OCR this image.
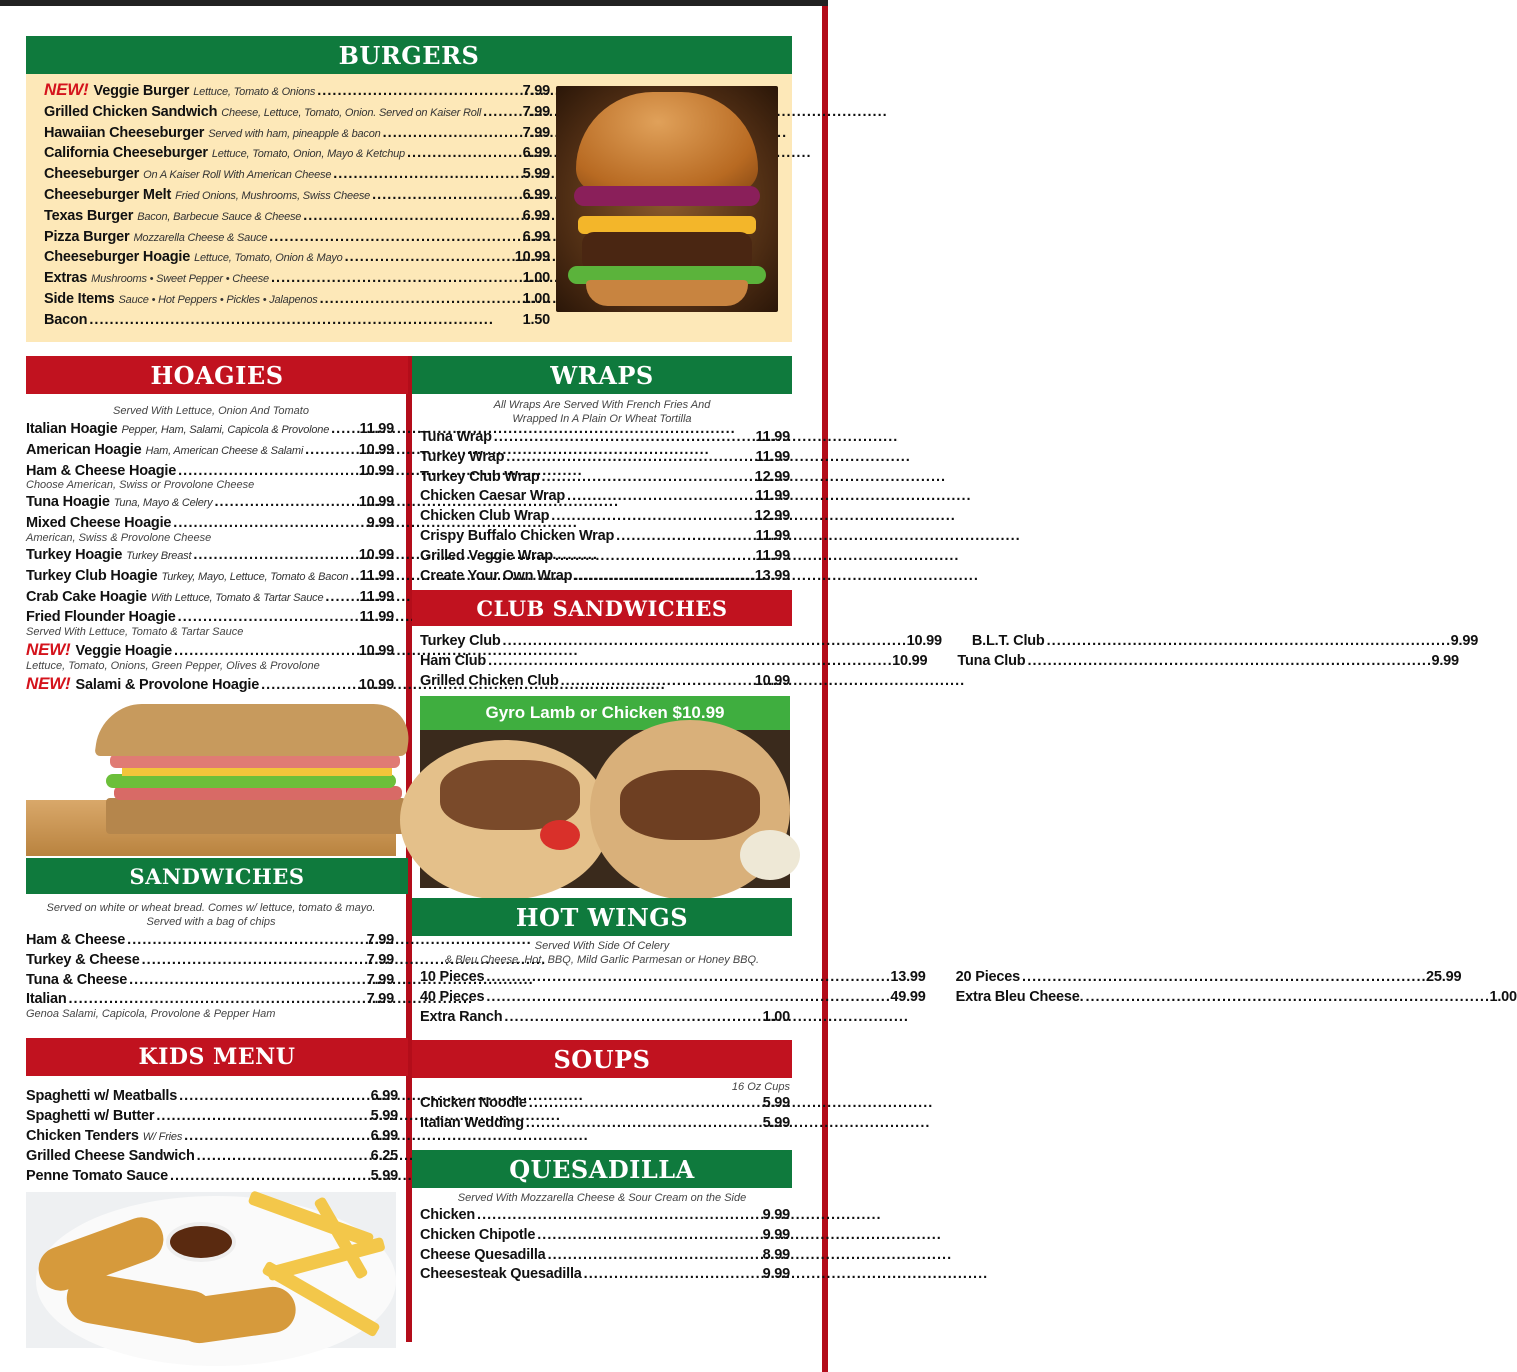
BURGERS
NEW! Veggie Burger Lettuce, Tomato & Onions . . .	7.99
Grilled Chicken Sandwich Cheese, Lettuce, Tomato, Onion. Served on Kaiser Roll . . .	7.99
Hawaiian Cheeseburger Served with ham, pineapple & bacon . . .	7.99
California Cheeseburger Lettuce, Tomato, Onion, Mayo & Ketchup . . .	6.99
Cheeseburger On A Kaiser Roll With American Cheese . . .	5.99
Cheeseburger Melt Fried Onions, Mushrooms, Swiss Cheese . . .	6.99
Texas Burger Bacon, Barbecue Sauce & Cheese . . .	6.99
Pizza Burger Mozzarella Cheese & Sauce . . .	6.99
Cheeseburger Hoagie Lettuce, Tomato, Onion & Mayo . . .	10.99
Extras Mushrooms • Sweet Pepper • Cheese . . .	1.00
Side Items Sauce • Hot Peppers • Pickles • Jalapenos . . .	1.00
Bacon . . .	1.50
HOAGIES
Served With Lettuce, Onion And Tomato
Italian Hoagie Pepper, Ham, Salami, Capicola & Provolone . . . 11.99
American Hoagie Ham, American Cheese & Salami . . .	10.99
Ham & Cheese Hoagie . . .	10.99
Choose American, Swiss or Provolone Cheese
Tuna Hoagie Tuna, Mayo & Celery . . .	10.99
Mixed Cheese Hoagie . . .	9.99
American, Swiss & Provolone Cheese
Turkey Hoagie Turkey Breast . . .	10.99
Turkey Club Hoagie Turkey, Mayo, Lettuce, Tomato & Bacon . . . 11.99
Crab Cake Hoagie With Lettuce, Tomato & Tartar Sauce . . . 11.99
Fried Flounder Hoagie . . .	11.99
Served With Lettuce, Tomato & Tartar Sauce
NEW! Veggie Hoagie . . .	10.99
Lettuce, Tomato, Onions, Green Pepper, Olives & Provolone
NEW! Salami & Provolone Hoagie . . .	10.99
SANDWICHES
Served on white or wheat bread. Comes w/ lettuce, tomato & mayo.
Served with a bag of chips
Ham & Cheese . . .	7.99
Turkey & Cheese . . .	7.99
Tuna & Cheese . . .	7.99
Italian . . .	7.99
Genoa Salami, Capicola, Provolone & Pepper Ham
KIDS MENU
Spaghetti w/ Meatballs . . .	6.99
Spaghetti w/ Butter . . .	5.99
Chicken Tenders W/ Fries . . .	6.99
Grilled Cheese Sandwich . . .	6.25
Penne Tomato Sauce . . .	5.99
WRAPS
All Wraps Are Served With French Fries And
Wrapped In A Plain Or Wheat Tortilla
Tuna Wrap . . .	11.99
Turkey Wrap . . .	11.99
Turkey Club Wrap . . .	12.99
Chicken Caesar Wrap . . .	11.99
Chicken Club Wrap . . .	12.99
Crispy Buffalo Chicken Wrap . . .	11.99
Grilled Veggie Wrap . . .	11.99
Create Your Own Wrap . . .	13.99
CLUB SANDWICHES
Turkey Club . . .	10.99 B.L.T. Club . . .	9.99
Ham Club . . .	10.99 Tuna Club . . .	9.99
Grilled Chicken Club . . .	10.99
Gyro Lamb or Chicken $10.99
HOT WINGS
Served With Side Of Celery
& Bleu Cheese. Hot, BBQ, Mild Garlic Parmesan or Honey BBQ.
10 Pieces . . .	13.99 20 Pieces . . .	25.99
40 Pieces . . .	49.99 Extra Bleu Cheese. . . .	1.00
Extra Ranch . . .	1.00
SOUPS
16 Oz Cups
Chicken Noodle . . .	5.99
Italian Wedding . . .	5.99
QUESADILLA
Served With Mozzarella Cheese & Sour Cream on the Side
Chicken . . .	9.99
Chicken Chipotle . . .	9.99
Cheese Quesadilla . . .	8.99
Cheesesteak Quesadilla . . .	9.99
